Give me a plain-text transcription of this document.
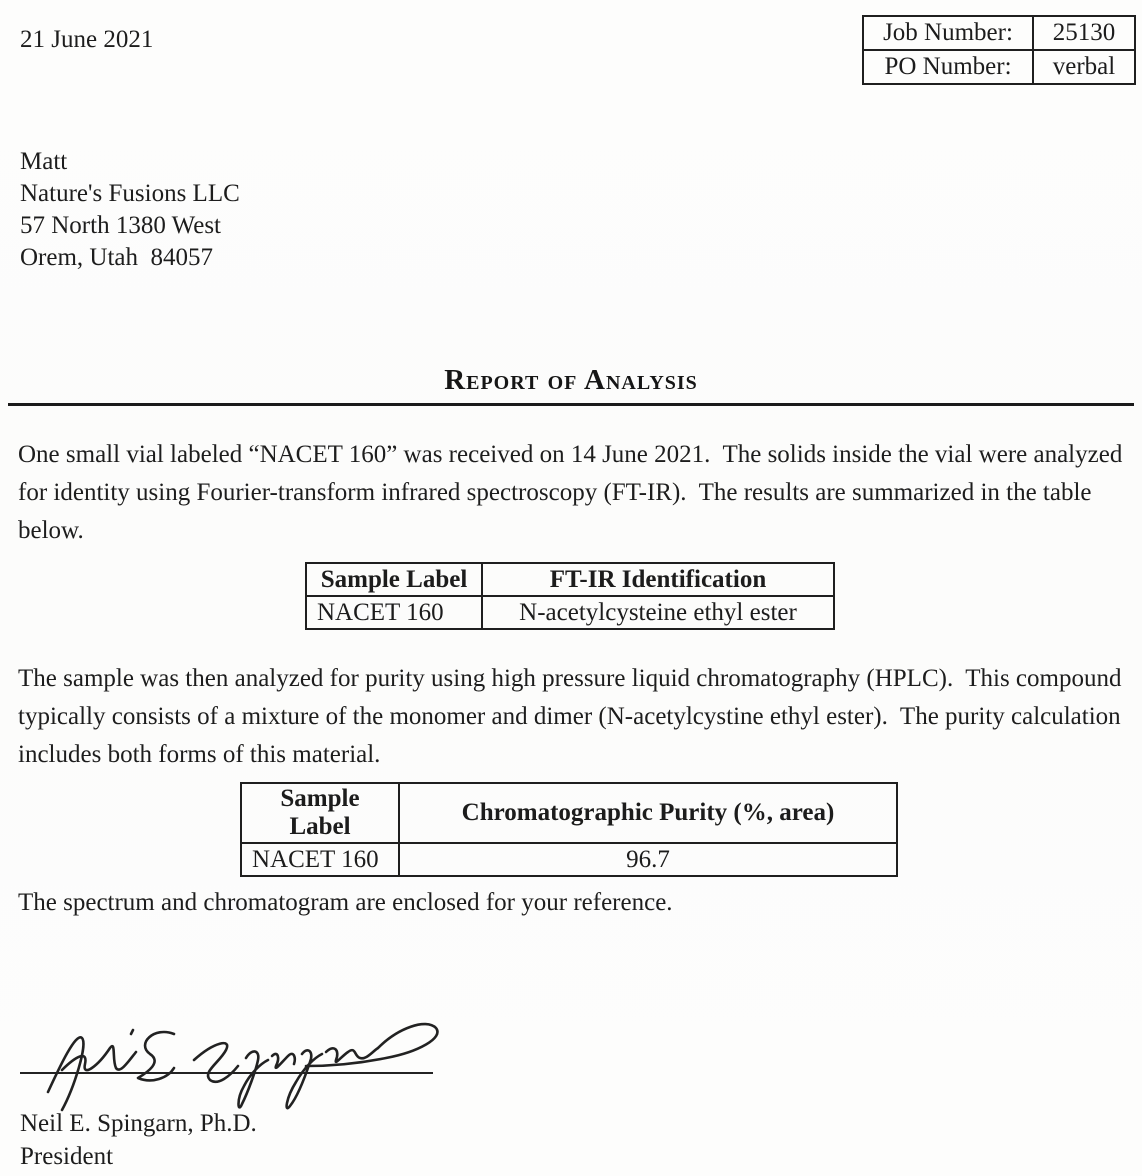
21 June 2021	Job Number:	25130
PO Number:	verbal
Matt
Nature's Fusions LLC
57 North 1380 West
Orem, Utah  84057
Report of Analysis

One small vial labeled “NACET 160” was received on 14 June 2021.  The solids inside the vial were analyzed for identity using Fourier-transform infrared spectroscopy (FT-IR).  The results are summarized in the table below.

Sample Label	FT-IR Identification
NACET 160	N-acetylcysteine ethyl ester

The sample was then analyzed for purity using high pressure liquid chromatography (HPLC).  This compound typically consists of a mixture of the monomer and dimer (N-acetylcystine ethyl ester).  The purity calculation includes both forms of this material.

Sample Label	Chromatographic Purity (%, area)
NACET 160	96.7

The spectrum and chromatogram are enclosed for your reference.

Neil E. Spingarn, Ph.D.
President
